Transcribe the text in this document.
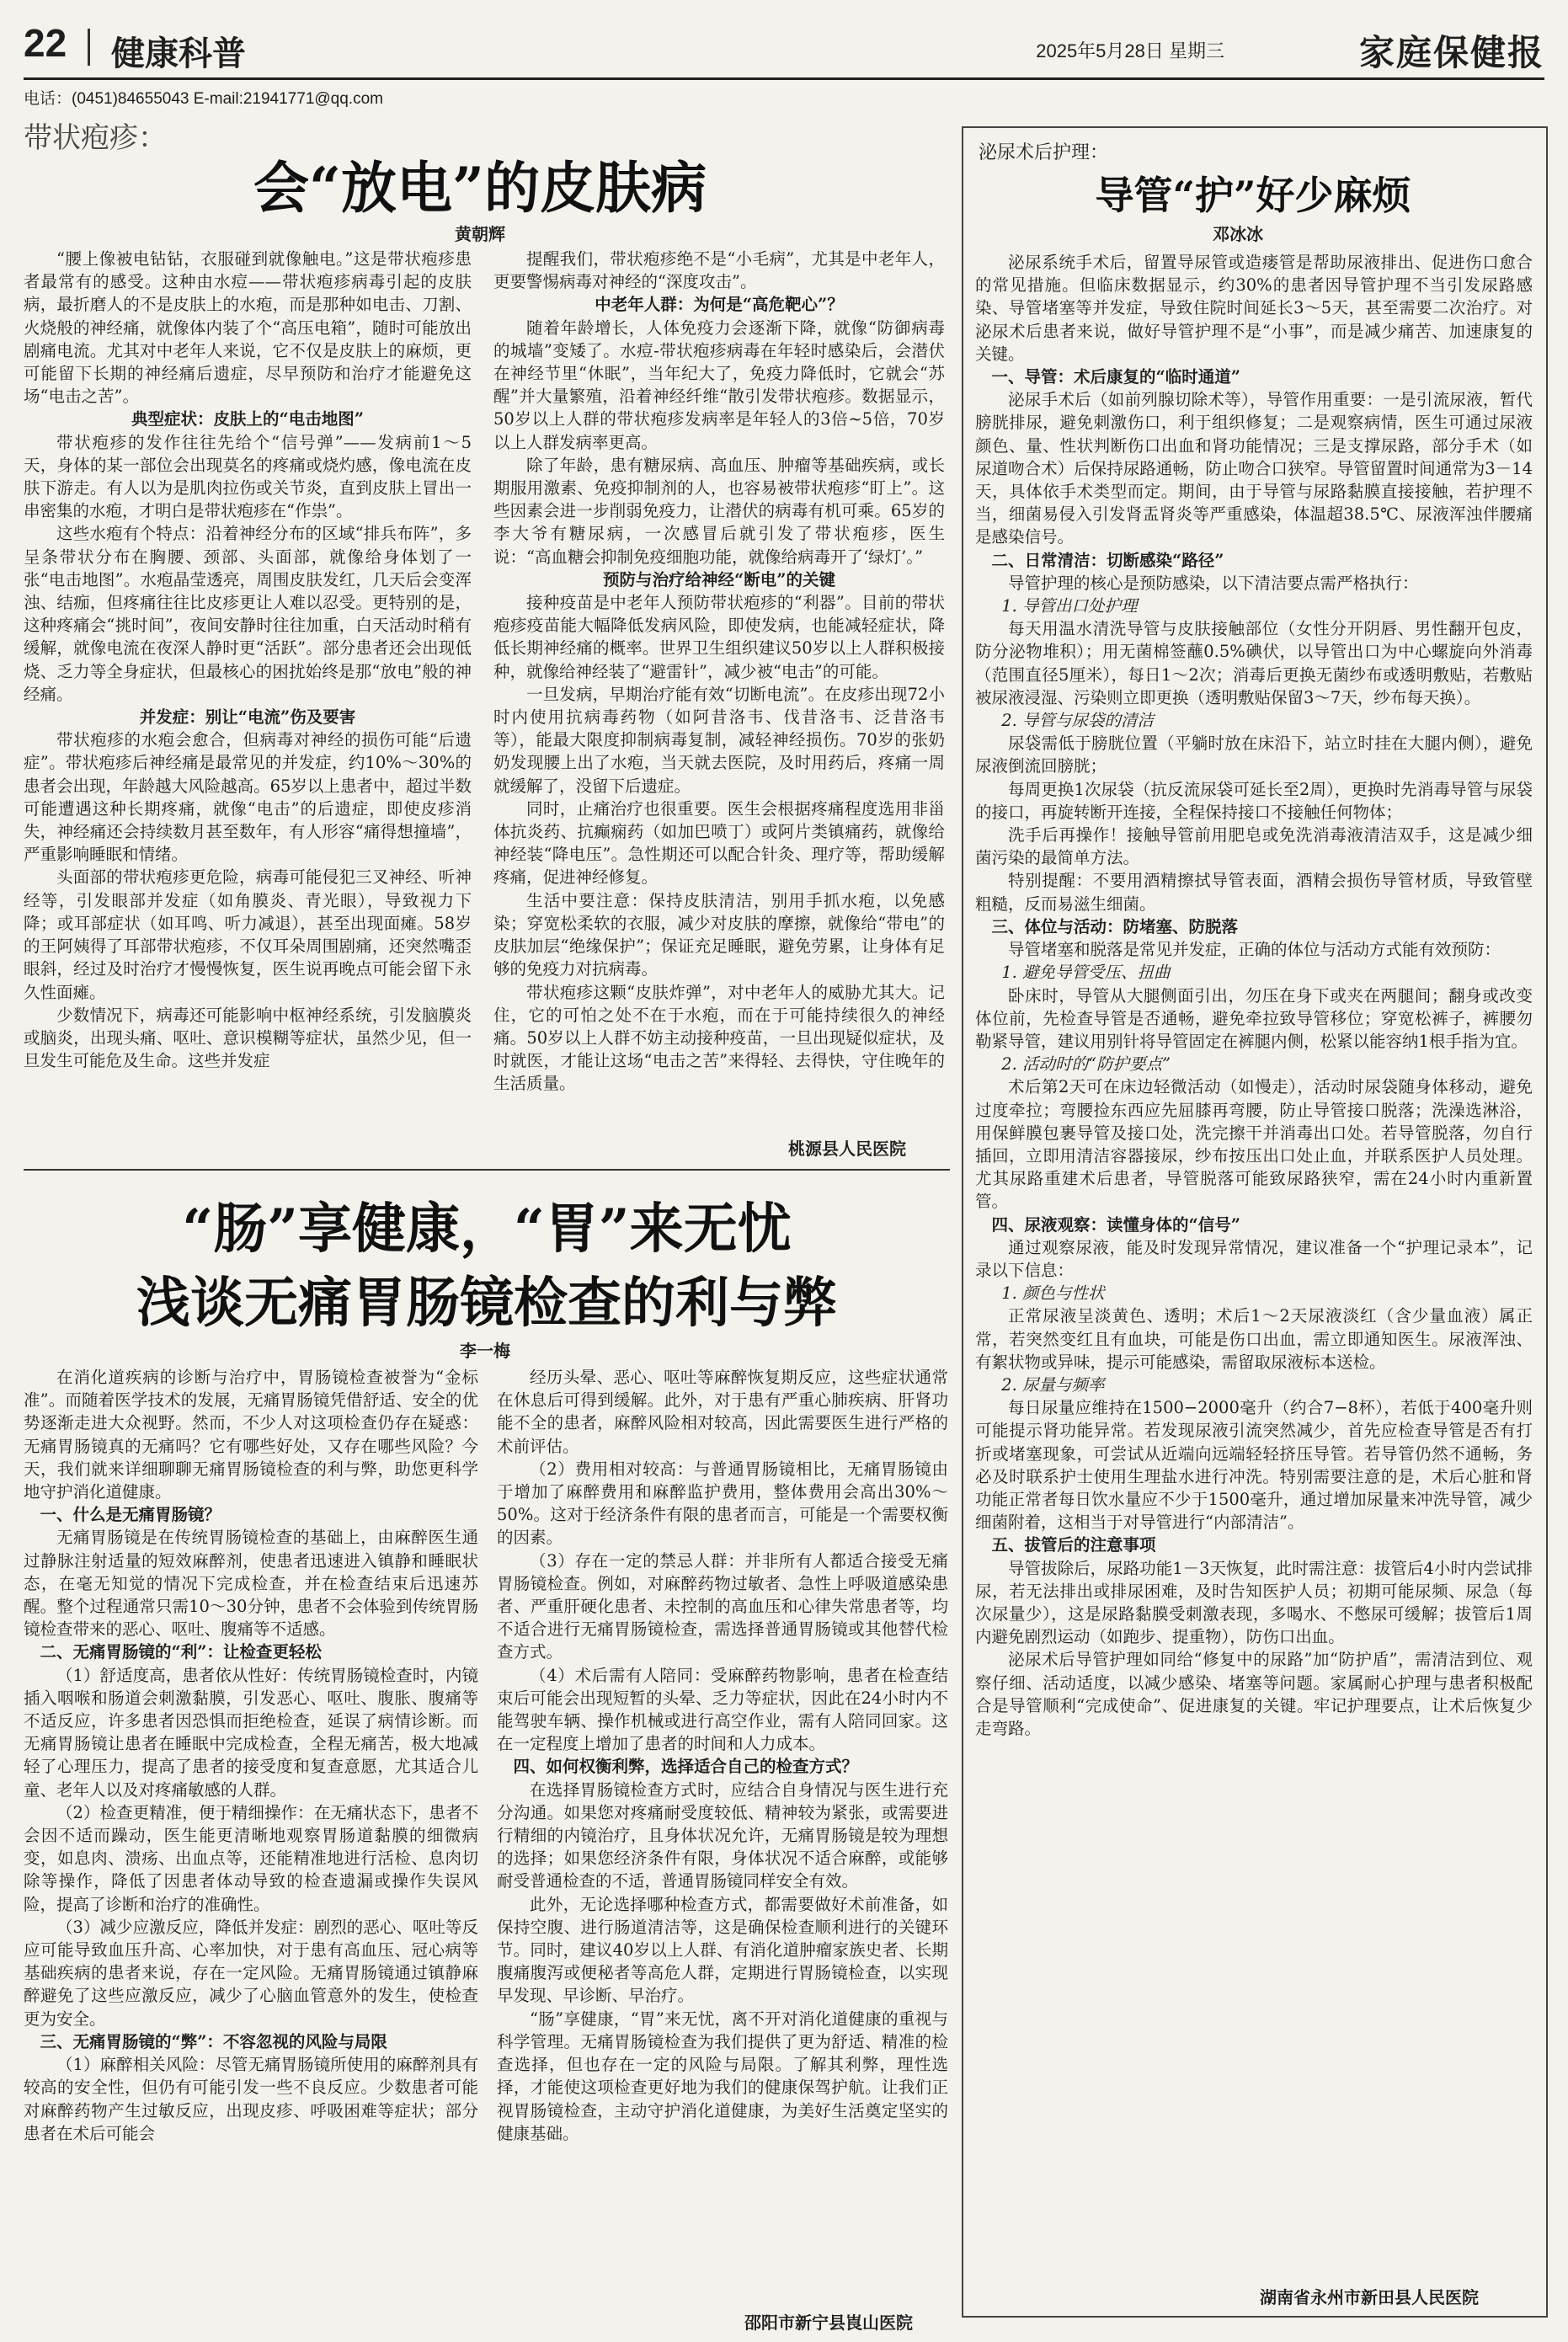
22 健康科普	2025年5月28日 星期三	家庭保健报
电话：(0451)84655043 E-mail:21941771@qq.com
带状疱疹：
会“放电”的皮肤病
黄朝辉

“腰上像被电钻钻，衣服碰到就像触电。”这是带状疱疹患者最常有的感受。这种由水痘——带状疱疹病毒引起的皮肤病，最折磨人的不是皮肤上的水疱，而是那种如电击、刀割、火烧般的神经痛，就像体内装了个“高压电箱”，随时可能放出剧痛电流。尤其对中老年人来说，它不仅是皮肤上的麻烦，更可能留下长期的神经痛后遗症，尽早预防和治疗才能避免这场“电击之苦”。

典型症状：皮肤上的“电击地图”

带状疱疹的发作往往先给个“信号弹”——发病前1～5天，身体的某一部位会出现莫名的疼痛或烧灼感，像电流在皮肤下游走。有人以为是肌肉拉伤或关节炎，直到皮肤上冒出一串密集的水疱，才明白是带状疱疹在“作祟”。

这些水疱有个特点：沿着神经分布的区域“排兵布阵”，多呈条带状分布在胸腰、颈部、头面部，就像给身体划了一张“电击地图”。水疱晶莹透亮，周围皮肤发红，几天后会变浑浊、结痂，但疼痛往往比皮疹更让人难以忍受。更特别的是，这种疼痛会“挑时间”，夜间安静时往往加重，白天活动时稍有缓解，就像电流在夜深人静时更“活跃”。部分患者还会出现低烧、乏力等全身症状，但最核心的困扰始终是那“放电”般的神经痛。

并发症：别让“电流”伤及要害

带状疱疹的水疱会愈合，但病毒对神经的损伤可能“后遗症”。带状疱疹后神经痛是最常见的并发症，约10%～30%的患者会出现，年龄越大风险越高。65岁以上患者中，超过半数可能遭遇这种长期疼痛，就像“电击”的后遗症，即使皮疹消失，神经痛还会持续数月甚至数年，有人形容“痛得想撞墙”，严重影响睡眠和情绪。

头面部的带状疱疹更危险，病毒可能侵犯三叉神经、听神经等，引发眼部并发症（如角膜炎、青光眼），导致视力下降；或耳部症状（如耳鸣、听力减退），甚至出现面瘫。58岁的王阿姨得了耳部带状疱疹，不仅耳朵周围剧痛，还突然嘴歪眼斜，经过及时治疗才慢慢恢复，医生说再晚点可能会留下永久性面瘫。

少数情况下，病毒还可能影响中枢神经系统，引发脑膜炎或脑炎，出现头痛、呕吐、意识模糊等症状，虽然少见，但一旦发生可能危及生命。这些并发症

提醒我们，带状疱疹绝不是“小毛病”，尤其是中老年人，更要警惕病毒对神经的“深度攻击”。

中老年人群：为何是“高危靶心”？

随着年龄增长，人体免疫力会逐渐下降，就像“防御病毒的城墙”变矮了。水痘-带状疱疹病毒在年轻时感染后，会潜伏在神经节里“休眠”，当年纪大了，免疫力降低时，它就会“苏醒”并大量繁殖，沿着神经纤维“散引发带状疱疹。数据显示，50岁以上人群的带状疱疹发病率是年轻人的3倍~5倍，70岁以上人群发病率更高。

除了年龄，患有糖尿病、高血压、肿瘤等基础疾病，或长期服用激素、免疫抑制剂的人，也容易被带状疱疹“盯上”。这些因素会进一步削弱免疫力，让潜伏的病毒有机可乘。65岁的李大爷有糖尿病，一次感冒后就引发了带状疱疹，医生说：“高血糖会抑制免疫细胞功能，就像给病毒开了‘绿灯’。”

预防与治疗给神经“断电”的关键

接种疫苗是中老年人预防带状疱疹的“利器”。目前的带状疱疹疫苗能大幅降低发病风险，即使发病，也能减轻症状，降低长期神经痛的概率。世界卫生组织建议50岁以上人群积极接种，就像给神经装了“避雷针”，减少被“电击”的可能。

一旦发病，早期治疗能有效“切断电流”。在皮疹出现72小时内使用抗病毒药物（如阿昔洛韦、伐昔洛韦、泛昔洛韦等），能最大限度抑制病毒复制，减轻神经损伤。70岁的张奶奶发现腰上出了水疱，当天就去医院，及时用药后，疼痛一周就缓解了，没留下后遗症。

同时，止痛治疗也很重要。医生会根据疼痛程度选用非甾体抗炎药、抗癫痫药（如加巴喷丁）或阿片类镇痛药，就像给神经装“降电压”。急性期还可以配合针灸、理疗等，帮助缓解疼痛，促进神经修复。

生活中要注意：保持皮肤清洁，别用手抓水疱，以免感染；穿宽松柔软的衣服，减少对皮肤的摩擦，就像给“带电”的皮肤加层“绝缘保护”；保证充足睡眠，避免劳累，让身体有足够的免疫力对抗病毒。

带状疱疹这颗“皮肤炸弹”，对中老年人的威胁尤其大。记住，它的可怕之处不在于水疱，而在于可能持续很久的神经痛。50岁以上人群不妨主动接种疫苗，一旦出现疑似症状，及时就医，才能让这场“电击之苦”来得轻、去得快，守住晚年的生活质量。

桃源县人民医院
“肠”享健康，“胃”来无忧
浅谈无痛胃肠镜检查的利与弊
李一梅

在消化道疾病的诊断与治疗中，胃肠镜检查被誉为“金标准”。而随着医学技术的发展，无痛胃肠镜凭借舒适、安全的优势逐渐走进大众视野。然而，不少人对这项检查仍存在疑惑：无痛胃肠镜真的无痛吗？它有哪些好处，又存在哪些风险？今天，我们就来详细聊聊无痛胃肠镜检查的利与弊，助您更科学地守护消化道健康。

一、什么是无痛胃肠镜？

无痛胃肠镜是在传统胃肠镜检查的基础上，由麻醉医生通过静脉注射适量的短效麻醉剂，使患者迅速进入镇静和睡眠状态，在毫无知觉的情况下完成检查，并在检查结束后迅速苏醒。整个过程通常只需10～30分钟，患者不会体验到传统胃肠镜检查带来的恶心、呕吐、腹痛等不适感。

二、无痛胃肠镜的“利”：让检查更轻松

（1）舒适度高，患者依从性好：传统胃肠镜检查时，内镜插入咽喉和肠道会刺激黏膜，引发恶心、呕吐、腹胀、腹痛等不适反应，许多患者因恐惧而拒绝检查，延误了病情诊断。而无痛胃肠镜让患者在睡眠中完成检查，全程无痛苦，极大地减轻了心理压力，提高了患者的接受度和复查意愿，尤其适合儿童、老年人以及对疼痛敏感的人群。

（2）检查更精准，便于精细操作：在无痛状态下，患者不会因不适而躁动，医生能更清晰地观察胃肠道黏膜的细微病变，如息肉、溃疡、出血点等，还能精准地进行活检、息肉切除等操作，降低了因患者体动导致的检查遗漏或操作失误风险，提高了诊断和治疗的准确性。

（3）减少应激反应，降低并发症：剧烈的恶心、呕吐等反应可能导致血压升高、心率加快，对于患有高血压、冠心病等基础疾病的患者来说，存在一定风险。无痛胃肠镜通过镇静麻醉避免了这些应激反应，减少了心脑血管意外的发生，使检查更为安全。

三、无痛胃肠镜的“弊”：不容忽视的风险与局限

（1）麻醉相关风险：尽管无痛胃肠镜所使用的麻醉剂具有较高的安全性，但仍有可能引发一些不良反应。少数患者可能对麻醉药物产生过敏反应，出现皮疹、呼吸困难等症状；部分患者在术后可能会

经历头晕、恶心、呕吐等麻醉恢复期反应，这些症状通常在休息后可得到缓解。此外，对于患有严重心肺疾病、肝肾功能不全的患者，麻醉风险相对较高，因此需要医生进行严格的术前评估。

（2）费用相对较高：与普通胃肠镜相比，无痛胃肠镜由于增加了麻醉费用和麻醉监护费用，整体费用会高出30%～50%。这对于经济条件有限的患者而言，可能是一个需要权衡的因素。

（3）存在一定的禁忌人群：并非所有人都适合接受无痛胃肠镜检查。例如，对麻醉药物过敏者、急性上呼吸道感染患者、严重肝硬化患者、未控制的高血压和心律失常患者等，均不适合进行无痛胃肠镜检查，需选择普通胃肠镜或其他替代检查方式。

（4）术后需有人陪同：受麻醉药物影响，患者在检查结束后可能会出现短暂的头晕、乏力等症状，因此在24小时内不能驾驶车辆、操作机械或进行高空作业，需有人陪同回家。这在一定程度上增加了患者的时间和人力成本。

四、如何权衡利弊，选择适合自己的检查方式？

在选择胃肠镜检查方式时，应结合自身情况与医生进行充分沟通。如果您对疼痛耐受度较低、精神较为紧张，或需要进行精细的内镜治疗，且身体状况允许，无痛胃肠镜是较为理想的选择；如果您经济条件有限，身体状况不适合麻醉，或能够耐受普通检查的不适，普通胃肠镜同样安全有效。

此外，无论选择哪种检查方式，都需要做好术前准备，如保持空腹、进行肠道清洁等，这是确保检查顺利进行的关键环节。同时，建议40岁以上人群、有消化道肿瘤家族史者、长期腹痛腹泻或便秘者等高危人群，定期进行胃肠镜检查，以实现早发现、早诊断、早治疗。

“肠”享健康，“胃”来无忧，离不开对消化道健康的重视与科学管理。无痛胃肠镜检查为我们提供了更为舒适、精准的检查选择，但也存在一定的风险与局限。了解其利弊，理性选择，才能使这项检查更好地为我们的健康保驾护航。让我们正视胃肠镜检查，主动守护消化道健康，为美好生活奠定坚实的健康基础。

邵阳市新宁县崀山医院
泌尿术后护理：
导管“护”好少麻烦
邓冰冰

泌尿系统手术后，留置导尿管或造瘘管是帮助尿液排出、促进伤口愈合的常见措施。但临床数据显示，约30%的患者因导管护理不当引发尿路感染、导管堵塞等并发症，导致住院时间延长3～5天，甚至需要二次治疗。对泌尿术后患者来说，做好导管护理不是“小事”，而是减少痛苦、加速康复的关键。

一、导管：术后康复的“临时通道”

泌尿手术后（如前列腺切除术等），导管作用重要：一是引流尿液，暂代膀胱排尿，避免刺激伤口，利于组织修复；二是观察病情，医生可通过尿液颜色、量、性状判断伤口出血和肾功能情况；三是支撑尿路，部分手术（如尿道吻合术）后保持尿路通畅，防止吻合口狭窄。导管留置时间通常为3－14天，具体依手术类型而定。期间，由于导管与尿路黏膜直接接触，若护理不当，细菌易侵入引发肾盂肾炎等严重感染，体温超38.5℃、尿液浑浊伴腰痛是感染信号。

二、日常清洁：切断感染“路径”

导管护理的核心是预防感染，以下清洁要点需严格执行：

1. 导管出口处护理

每天用温水清洗导管与皮肤接触部位（女性分开阴唇、男性翻开包皮，防分泌物堆积）；用无菌棉签蘸0.5%碘伏，以导管出口为中心螺旋向外消毒（范围直径5厘米），每日1～2次；消毒后更换无菌纱布或透明敷贴，若敷贴被尿液浸湿、污染则立即更换（透明敷贴保留3～7天，纱布每天换）。

2. 导管与尿袋的清洁

尿袋需低于膀胱位置（平躺时放在床沿下，站立时挂在大腿内侧），避免尿液倒流回膀胱；

每周更换1次尿袋（抗反流尿袋可延长至2周），更换时先消毒导管与尿袋的接口，再旋转断开连接，全程保持接口不接触任何物体；

洗手后再操作！接触导管前用肥皂或免洗消毒液清洁双手，这是减少细菌污染的最简单方法。

特别提醒：不要用酒精擦拭导管表面，酒精会损伤导管材质，导致管壁粗糙，反而易滋生细菌。

三、体位与活动：防堵塞、防脱落

导管堵塞和脱落是常见并发症，正确的体位与活动方式能有效预防：

1. 避免导管受压、扭曲

卧床时，导管从大腿侧面引出，勿压在身下或夹在两腿间；翻身或改变体位前，先检查导管是否通畅，避免牵拉致导管移位；穿宽松裤子，裤腰勿勒紧导管，建议用别针将导管固定在裤腿内侧，松紧以能容纳1根手指为宜。

2. 活动时的“防护要点”

术后第2天可在床边轻微活动（如慢走），活动时尿袋随身体移动，避免过度牵拉；弯腰捡东西应先屈膝再弯腰，防止导管接口脱落；洗澡选淋浴，用保鲜膜包裹导管及接口处，洗完擦干并消毒出口处。若导管脱落，勿自行插回，立即用清洁容器接尿，纱布按压出口处止血，并联系医护人员处理。尤其尿路重建术后患者，导管脱落可能致尿路狭窄，需在24小时内重新置管。

四、尿液观察：读懂身体的“信号”

通过观察尿液，能及时发现异常情况，建议准备一个“护理记录本”，记录以下信息：

1. 颜色与性状

正常尿液呈淡黄色、透明；术后1～2天尿液淡红（含少量血液）属正常，若突然变红且有血块，可能是伤口出血，需立即通知医生。尿液浑浊、有絮状物或异味，提示可能感染，需留取尿液标本送检。

2. 尿量与频率

每日尿量应维持在1500−2000毫升（约合7−8杯），若低于400毫升则可能提示肾功能异常。若发现尿液引流突然减少，首先应检查导管是否有打折或堵塞现象，可尝试从近端向远端轻轻挤压导管。若导管仍然不通畅，务必及时联系护士使用生理盐水进行冲洗。特别需要注意的是，术后心脏和肾功能正常者每日饮水量应不少于1500毫升，通过增加尿量来冲洗导管，减少细菌附着，这相当于对导管进行“内部清洁”。

五、拔管后的注意事项

导管拔除后，尿路功能1－3天恢复，此时需注意：拔管后4小时内尝试排尿，若无法排出或排尿困难，及时告知医护人员；初期可能尿频、尿急（每次尿量少），这是尿路黏膜受刺激表现，多喝水、不憋尿可缓解；拔管后1周内避免剧烈运动（如跑步、提重物），防伤口出血。

泌尿术后导管护理如同给“修复中的尿路”加“防护盾”，需清洁到位、观察仔细、活动适度，以减少感染、堵塞等问题。家属耐心护理与患者积极配合是导管顺利“完成使命”、促进康复的关键。牢记护理要点，让术后恢复少走弯路。

湖南省永州市新田县人民医院
